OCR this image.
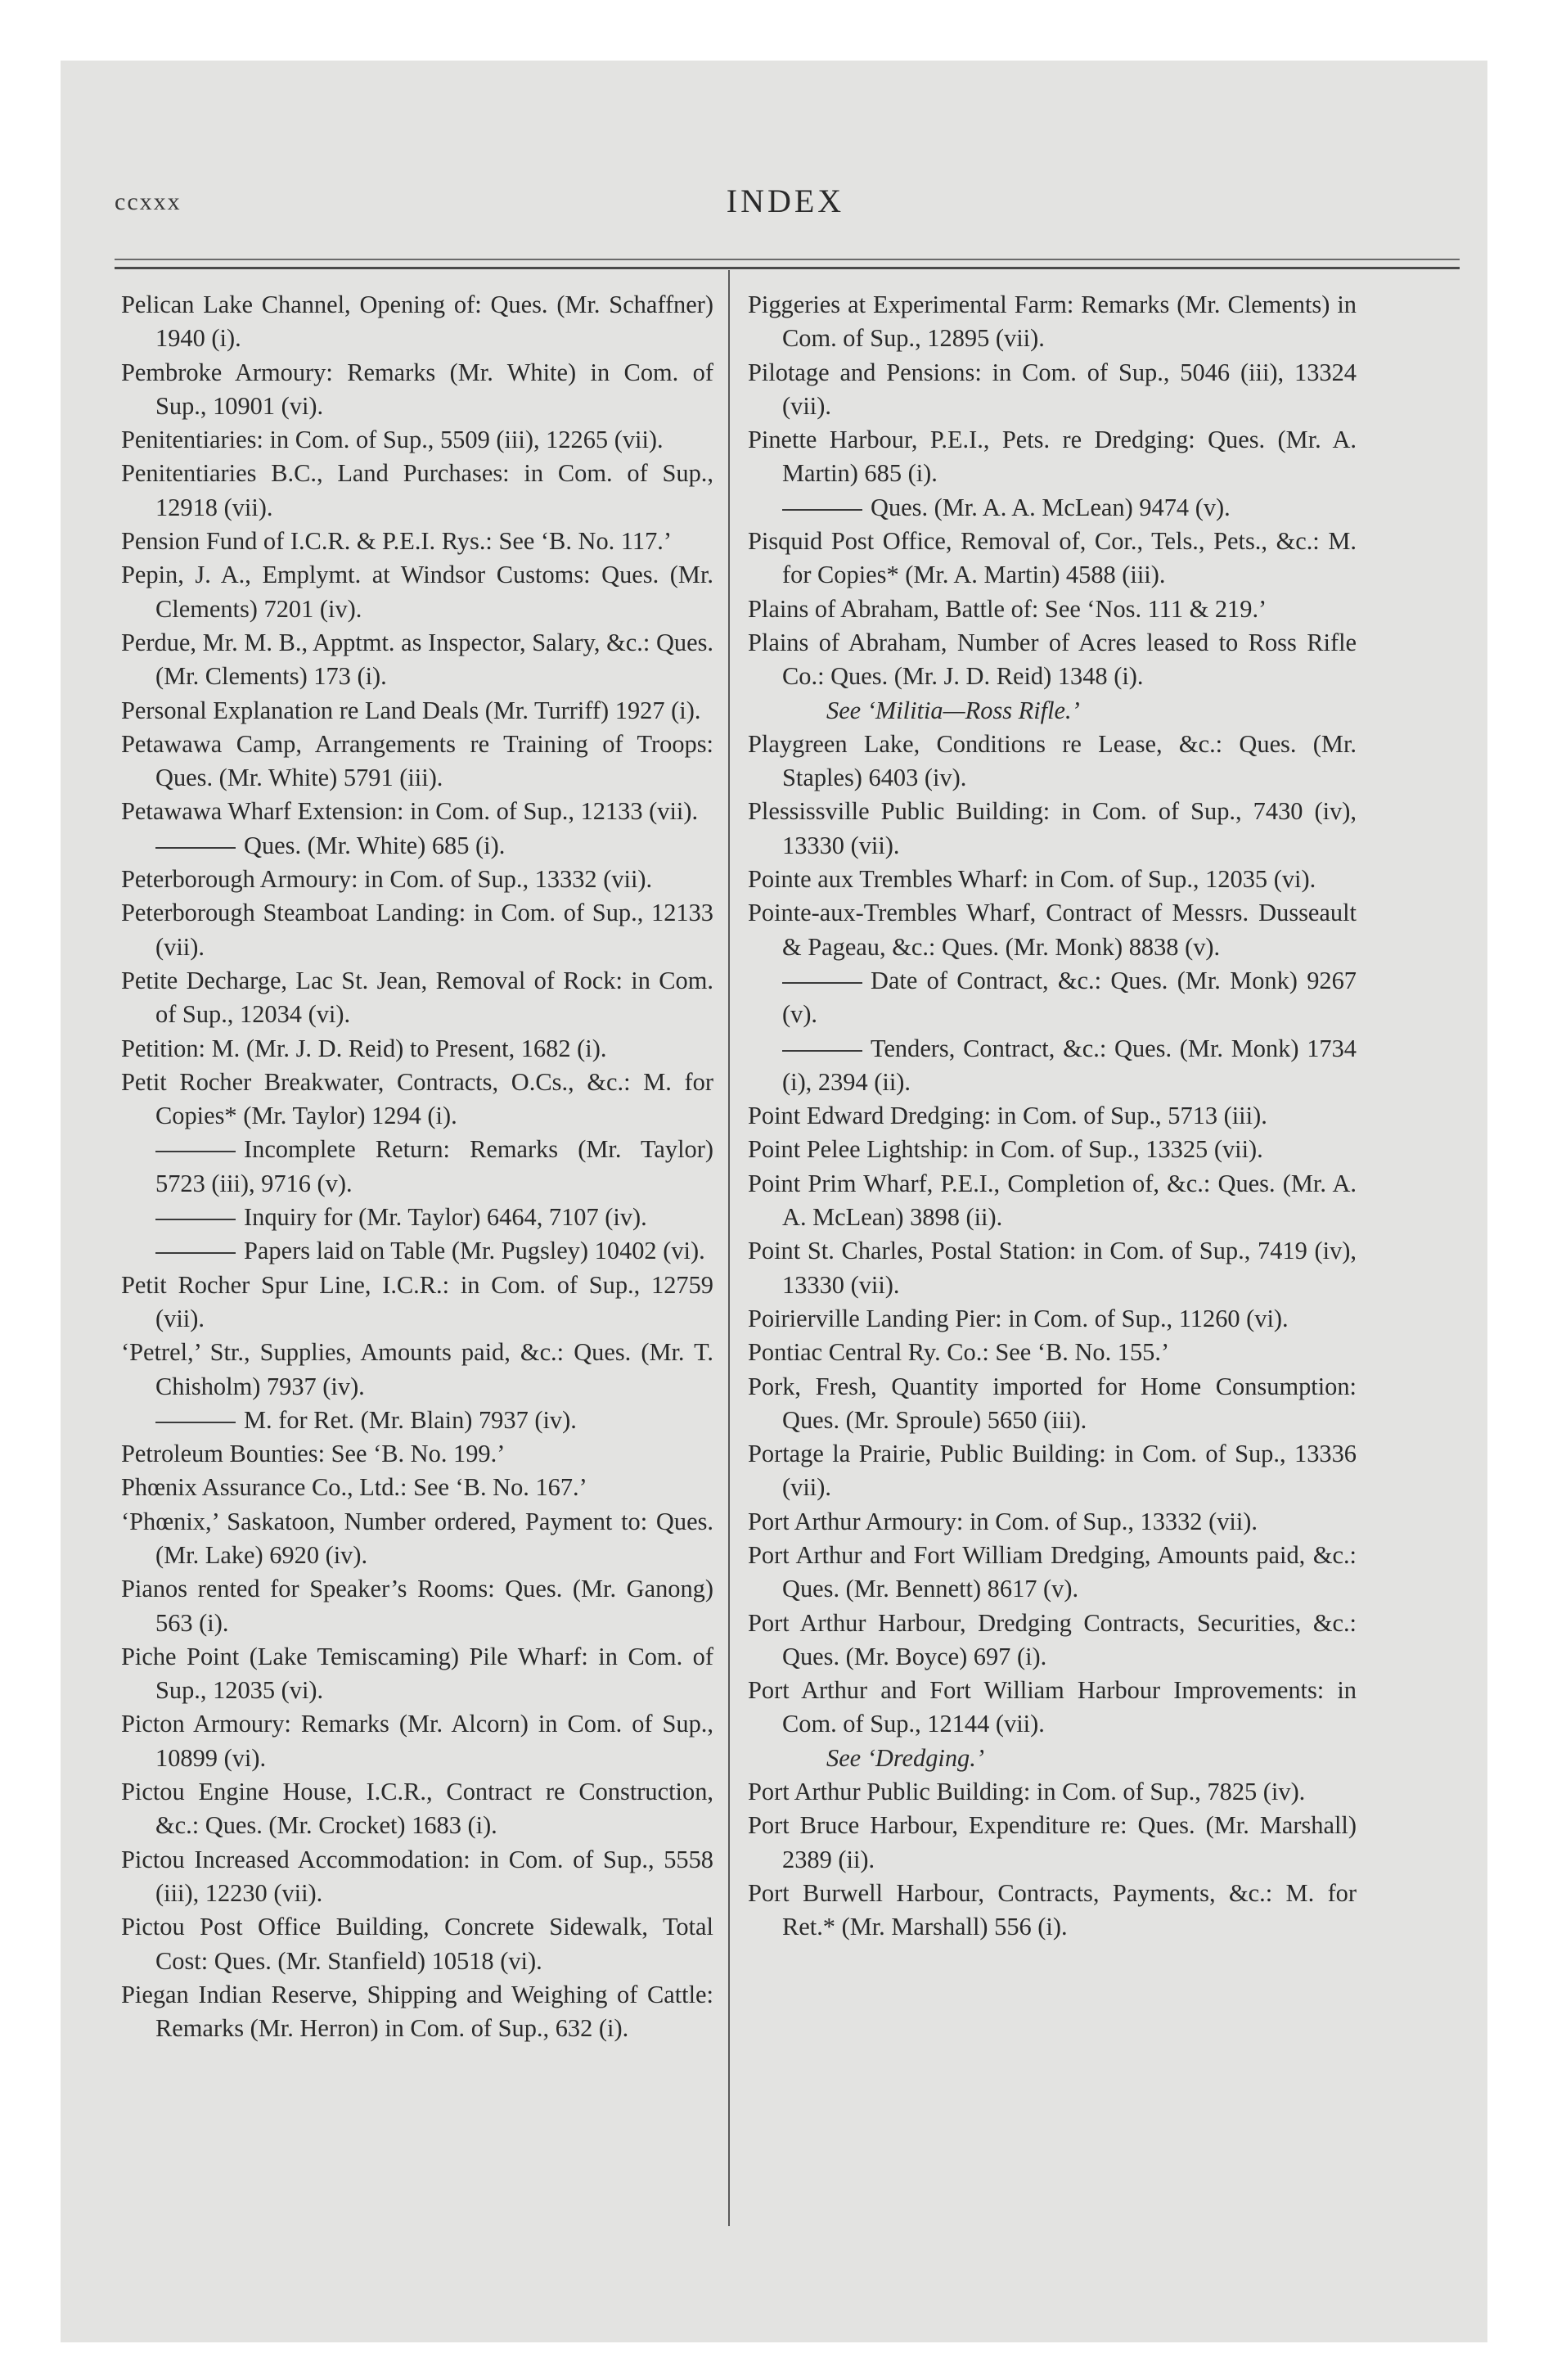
ccxxx	INDEX

Pelican Lake Channel, Opening of: Ques. (Mr. Schaffner) 1940 (i).

Pembroke Armoury: Remarks (Mr. White) in Com. of Sup., 10901 (vi).

Penitentiaries: in Com. of Sup., 5509 (iii), 12265 (vii).

Penitentiaries B.C., Land Purchases: in Com. of Sup., 12918 (vii).

Pension Fund of I.C.R. & P.E.I. Rys.: See ‘B. No. 117.’

Pepin, J. A., Emplymt. at Windsor Customs: Ques. (Mr. Clements) 7201 (iv).

Perdue, Mr. M. B., Apptmt. as Inspector, Salary, &c.: Ques. (Mr. Clements) 173 (i).

Personal Explanation re Land Deals (Mr. Turriff) 1927 (i).

Petawawa Camp, Arrangements re Training of Troops: Ques. (Mr. White) 5791 (iii).

Petawawa Wharf Extension: in Com. of Sup., 12133 (vii).

Ques. (Mr. White) 685 (i).

Peterborough Armoury: in Com. of Sup., 13332 (vii).

Peterborough Steamboat Landing: in Com. of Sup., 12133 (vii).

Petite Decharge, Lac St. Jean, Removal of Rock: in Com. of Sup., 12034 (vi).

Petition: M. (Mr. J. D. Reid) to Present, 1682 (i).

Petit Rocher Breakwater, Contracts, O.Cs., &c.: M. for Copies* (Mr. Taylor) 1294 (i).

Incomplete Return: Remarks (Mr. Taylor) 5723 (iii), 9716 (v).

Inquiry for (Mr. Taylor) 6464, 7107 (iv).

Papers laid on Table (Mr. Pugsley) 10402 (vi).

Petit Rocher Spur Line, I.C.R.: in Com. of Sup., 12759 (vii).

‘Petrel,’ Str., Supplies, Amounts paid, &c.: Ques. (Mr. T. Chisholm) 7937 (iv).

M. for Ret. (Mr. Blain) 7937 (iv).

Petroleum Bounties: See ‘B. No. 199.’

Phœnix Assurance Co., Ltd.: See ‘B. No. 167.’

‘Phœnix,’ Saskatoon, Number ordered, Payment to: Ques. (Mr. Lake) 6920 (iv).

Pianos rented for Speaker’s Rooms: Ques. (Mr. Ganong) 563 (i).

Piche Point (Lake Temiscaming) Pile Wharf: in Com. of Sup., 12035 (vi).

Picton Armoury: Remarks (Mr. Alcorn) in Com. of Sup., 10899 (vi).

Pictou Engine House, I.C.R., Contract re Construction, &c.: Ques. (Mr. Crocket) 1683 (i).

Pictou Increased Accommodation: in Com. of Sup., 5558 (iii), 12230 (vii).

Pictou Post Office Building, Concrete Sidewalk, Total Cost: Ques. (Mr. Stanfield) 10518 (vi).

Piegan Indian Reserve, Shipping and Weighing of Cattle: Remarks (Mr. Herron) in Com. of Sup., 632 (i).

Piggeries at Experimental Farm: Remarks (Mr. Clements) in Com. of Sup., 12895 (vii).

Pilotage and Pensions: in Com. of Sup., 5046 (iii), 13324 (vii).

Pinette Harbour, P.E.I., Pets. re Dredging: Ques. (Mr. A. Martin) 685 (i).

Ques. (Mr. A. A. McLean) 9474 (v).

Pisquid Post Office, Removal of, Cor., Tels., Pets., &c.: M. for Copies* (Mr. A. Martin) 4588 (iii).

Plains of Abraham, Battle of: See ‘Nos. 111 & 219.’

Plains of Abraham, Number of Acres leased to Ross Rifle Co.: Ques. (Mr. J. D. Reid) 1348 (i).

See ‘Militia—Ross Rifle.’

Playgreen Lake, Conditions re Lease, &c.: Ques. (Mr. Staples) 6403 (iv).

Plessissville Public Building: in Com. of Sup., 7430 (iv), 13330 (vii).

Pointe aux Trembles Wharf: in Com. of Sup., 12035 (vi).

Pointe-aux-Trembles Wharf, Contract of Messrs. Dusseault & Pageau, &c.: Ques. (Mr. Monk) 8838 (v).

Date of Contract, &c.: Ques. (Mr. Monk) 9267 (v).

Tenders, Contract, &c.: Ques. (Mr. Monk) 1734 (i), 2394 (ii).

Point Edward Dredging: in Com. of Sup., 5713 (iii).

Point Pelee Lightship: in Com. of Sup., 13325 (vii).

Point Prim Wharf, P.E.I., Completion of, &c.: Ques. (Mr. A. A. McLean) 3898 (ii).

Point St. Charles, Postal Station: in Com. of Sup., 7419 (iv), 13330 (vii).

Poirierville Landing Pier: in Com. of Sup., 11260 (vi).

Pontiac Central Ry. Co.: See ‘B. No. 155.’

Pork, Fresh, Quantity imported for Home Consumption: Ques. (Mr. Sproule) 5650 (iii).

Portage la Prairie, Public Building: in Com. of Sup., 13336 (vii).

Port Arthur Armoury: in Com. of Sup., 13332 (vii).

Port Arthur and Fort William Dredging, Amounts paid, &c.: Ques. (Mr. Bennett) 8617 (v).

Port Arthur Harbour, Dredging Contracts, Securities, &c.: Ques. (Mr. Boyce) 697 (i).

Port Arthur and Fort William Harbour Improvements: in Com. of Sup., 12144 (vii).

See ‘Dredging.’

Port Arthur Public Building: in Com. of Sup., 7825 (iv).

Port Bruce Harbour, Expenditure re: Ques. (Mr. Marshall) 2389 (ii).

Port Burwell Harbour, Contracts, Payments, &c.: M. for Ret.* (Mr. Marshall) 556 (i).
